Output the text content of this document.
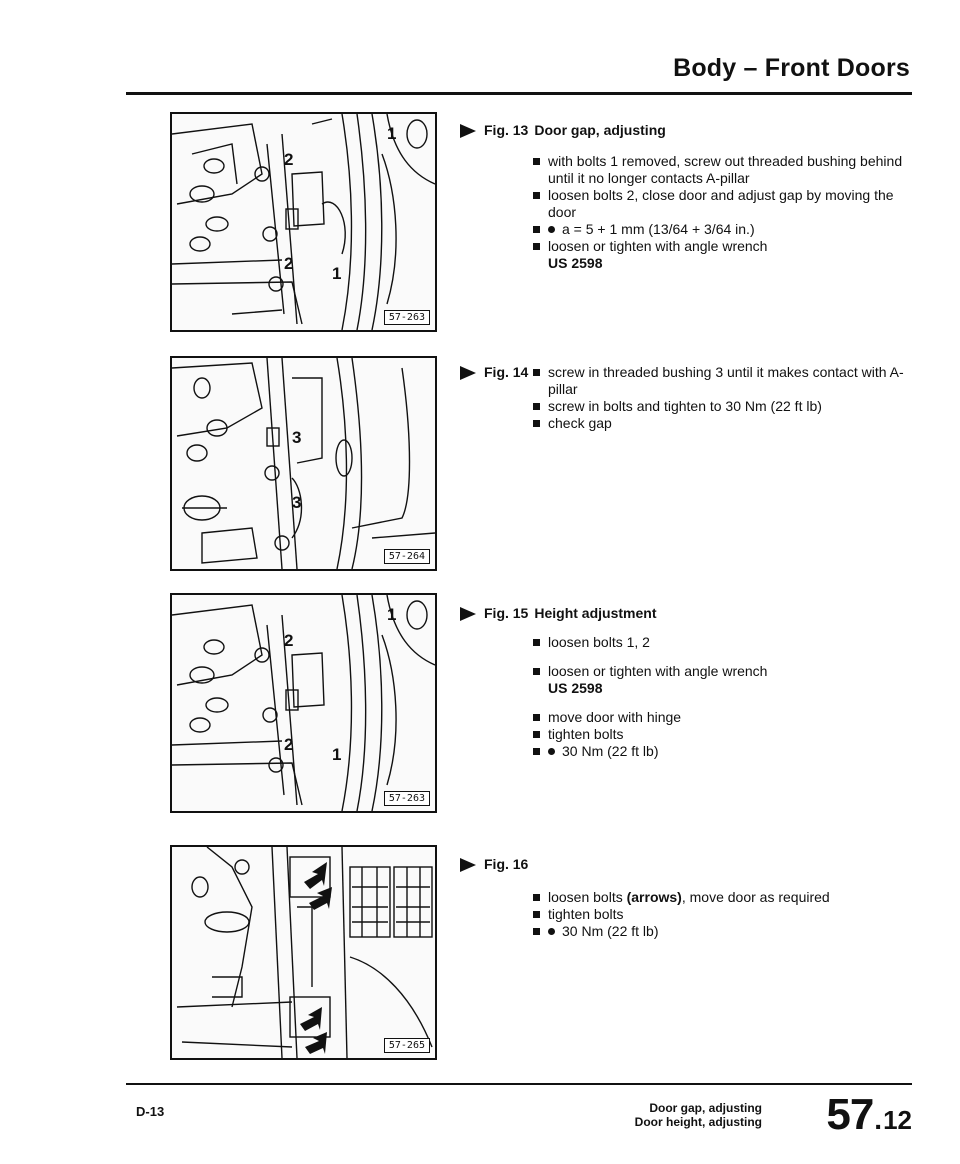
Body – Front Doors
2
1
2
1
57-263
Fig. 13 Door gap, adjusting
with bolts 1 removed, screw out threaded bushing behind until it no longer contacts A-pillar
loosen bolts 2, close door and adjust gap by moving the door
a = 5 + 1 mm (13/64 + 3/64 in.)
loosen or tighten with angle wrench
US 2598
3
3
57-264
Fig. 14	screw in threaded bushing 3 until it makes contact with A-pillar
screw in bolts and tighten to 30 Nm (22 ft lb)
check gap
2
1
2
1
57-263
Fig. 15 Height adjustment
loosen bolts 1, 2
loosen or tighten with angle wrench
US 2598
move door with hinge
tighten bolts
30 Nm (22 ft lb)
57-265
Fig. 16
loosen bolts (arrows), move door as required
tighten bolts
30 Nm (22 ft lb)
D-13	Door gap, adjusting
Door height, adjusting 57 . 12
